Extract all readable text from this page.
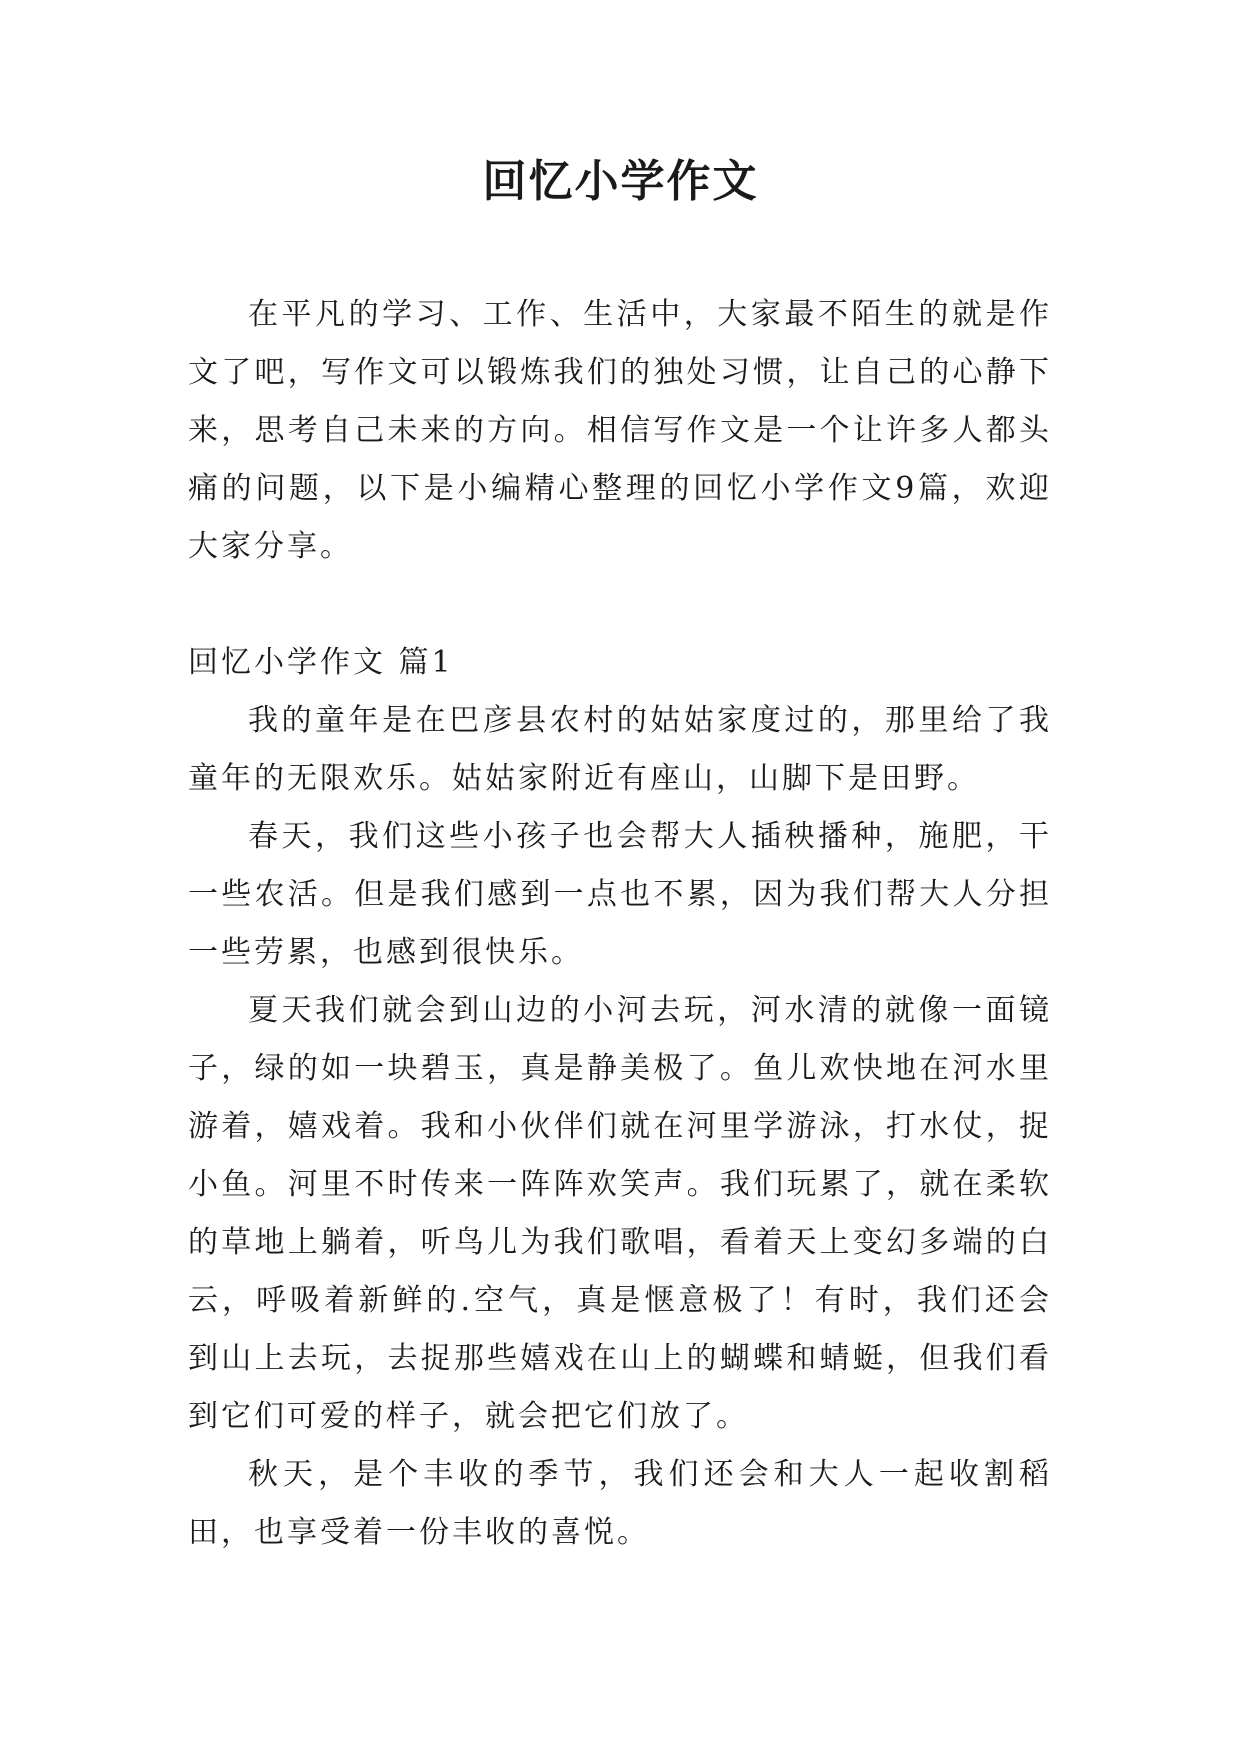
回忆小学作文

在平凡的学习、工作、生活中，大家最不陌生的就是作文了吧，写作文可以锻炼我们的独处习惯，让自己的心静下来，思考自己未来的方向。相信写作文是一个让许多人都头痛的问题，以下是小编精心整理的回忆小学作文9篇，欢迎大家分享。

回忆小学作文 篇1

我的童年是在巴彦县农村的姑姑家度过的，那里给了我童年的无限欢乐。姑姑家附近有座山，山脚下是田野。

春天，我们这些小孩子也会帮大人插秧播种，施肥，干一些农活。但是我们感到一点也不累，因为我们帮大人分担一些劳累，也感到很快乐。

夏天我们就会到山边的小河去玩，河水清的就像一面镜子，绿的如一块碧玉，真是静美极了。鱼儿欢快地在河水里游着，嬉戏着。我和小伙伴们就在河里学游泳，打水仗，捉小鱼。河里不时传来一阵阵欢笑声。我们玩累了，就在柔软的草地上躺着，听鸟儿为我们歌唱，看着天上变幻多端的白云，呼吸着新鲜的.空气，真是惬意极了！有时，我们还会到山上去玩，去捉那些嬉戏在山上的蝴蝶和蜻蜓，但我们看到它们可爱的样子，就会把它们放了。

秋天，是个丰收的季节，我们还会和大人一起收割稻田，也享受着一份丰收的喜悦。
